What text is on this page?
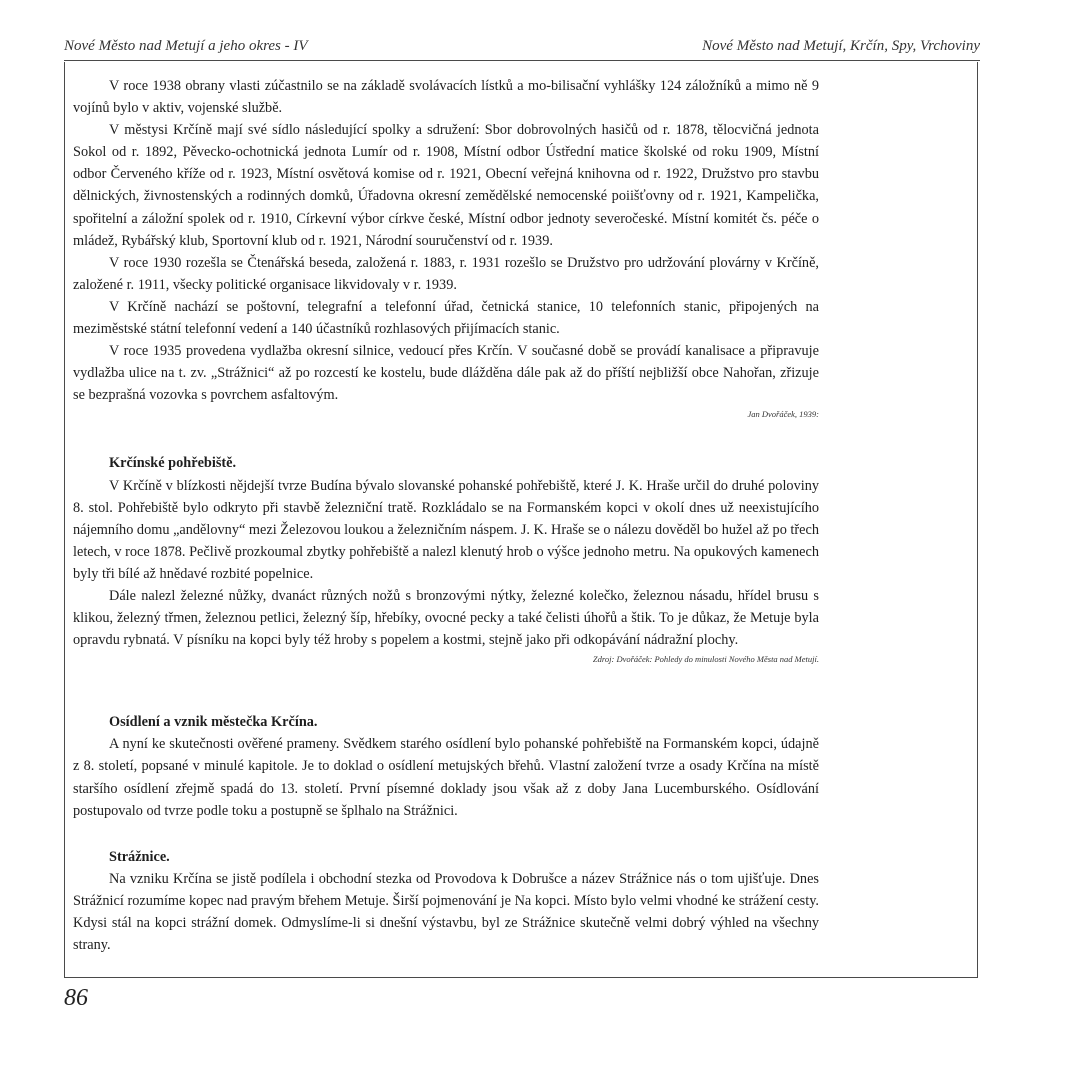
Nové Město nad Metují a jeho okres - IV	Nové Město nad Metují, Krčín, Spy, Vrchoviny

V roce 1938 obrany vlasti zúčastnilo se na základě svolávacích lístků a mo-bilisační vyhlášky 124 záložníků a mimo ně 9 vojínů bylo v aktiv, vojenské službě.

V městysi Krčíně mají své sídlo následující spolky a sdružení: Sbor dobrovolných hasičů od r. 1878, tělocvičná jednota Sokol od r. 1892, Pěvecko-ochotnická jednota Lumír od r. 1908, Místní odbor Ústřední matice školské od roku 1909, Místní odbor Červeného kříže od r. 1923, Místní osvětová komise od r. 1921, Obecní veřejná knihovna od r. 1922, Družstvo pro stavbu dělnických, živnostenských a rodinných domků, Úřadovna okresní zemědělské nemocenské poiišťovny od r. 1921, Kampelička, spořitelní a záložní spolek od r. 1910, Církevní výbor církve české, Místní odbor jednoty severočeské. Místní komitét čs. péče o mládež, Rybářský klub, Sportovní klub od r. 1921, Národní souručenství od r. 1939.

V roce 1930 rozešla se Čtenářská beseda, založená r. 1883, r. 1931 rozešlo se Družstvo pro udržování plovárny v Krčíně, založené r. 1911, všecky politické organisace likvidovaly v r. 1939.

V Krčíně nachází se poštovní, telegrafní a telefonní úřad, četnická stanice, 10 telefonních stanic, připojených na meziměstské státní telefonní vedení a 140 účastníků rozhlasových přijímacích stanic.

V roce 1935 provedena vydlažba okresní silnice, vedoucí přes Krčín. V současné době se provádí kanalisace a připravuje vydlažba ulice na t. zv. „Strážnici“ až po rozcestí ke kostelu, bude dlážděna dále pak až do příští nejbližší obce Nahořan, zřizuje se bezprašná vozovka s povrchem asfaltovým.

Jan Dvořáček, 1939:
Krčínské pohřebiště.

V Krčíně v blízkosti nějdejší tvrze Budína bývalo slovanské pohanské pohřebiště, které J. K. Hraše určil do druhé poloviny 8. stol. Pohřebiště bylo odkryto při stavbě železniční tratě. Rozkládalo se na Formanském kopci v okolí dnes už neexistujícího nájemního domu „andělovny“ mezi Železovou loukou a železničním náspem. J. K. Hraše se o nálezu dověděl bo hužel až po třech letech, v roce 1878. Pečlivě prozkoumal zbytky pohřebiště a nalezl klenutý hrob o výšce jednoho metru. Na opukových kamenech byly tři bílé až hnědavé rozbité popelnice.

Dále nalezl železné nůžky, dvanáct různých nožů s bronzovými nýtky, železné kolečko, železnou násadu, hřídel brusu s klikou, železný třmen, železnou petlici, železný šíp, hřebíky, ovocné pecky a také čelisti úhořů a štik. To je důkaz, že Metuje byla opravdu rybnatá. V písníku na kopci byly též hroby s popelem a kostmi, stejně jako při odkopávání nádražní plochy.

Zdroj: Dvořáček: Pohledy do minulosti Nového Města nad Metují.
Osídlení a vznik městečka Krčína.

A nyní ke skutečnosti ověřené prameny. Svědkem starého osídlení bylo pohanské pohřebiště na Formanském kopci, údajně z 8. století, popsané v minulé kapitole. Je to doklad o osídlení metujských břehů. Vlastní založení tvrze a osady Krčína na místě staršího osídlení zřejmě spadá do 13. století. První písemné doklady jsou však až z doby Jana Lucemburského. Osídlování postupovalo od tvrze podle toku a postupně se šplhalo na Strážnici.

Strážnice.

Na vzniku Krčína se jistě podílela i obchodní stezka od Provodova k Dobrušce a název Strážnice nás o tom ujišťuje. Dnes Strážnicí rozumíme kopec nad pravým břehem Metuje. Širší pojmenování je Na kopci. Místo bylo velmi vhodné ke strážení cesty. Kdysi stál na kopci strážní domek. Odmyslíme-li si dnešní výstavbu, byl ze Strážnice skutečně velmi dobrý výhled na všechny strany.

86
